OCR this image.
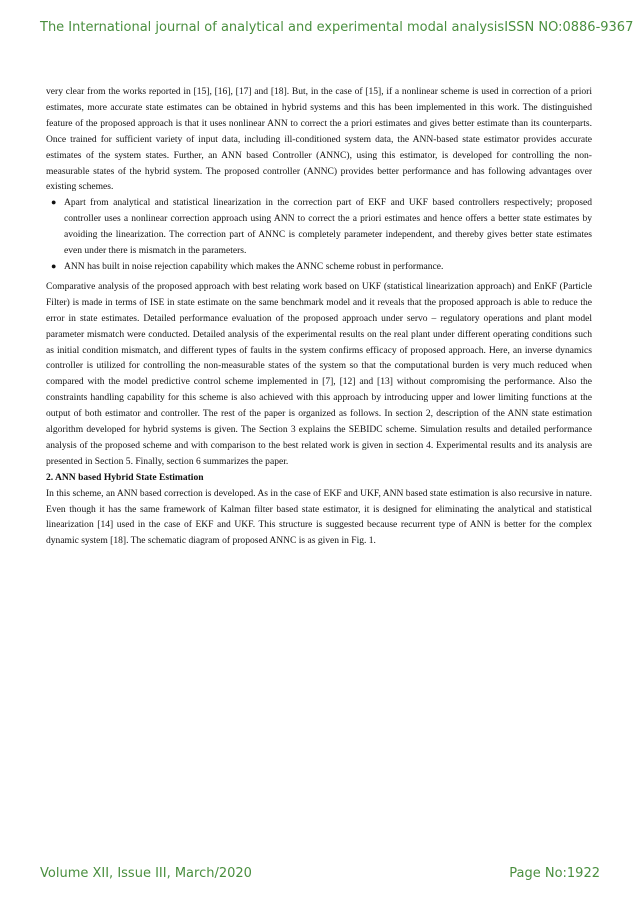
The International journal of analytical and experimental modal analysis ISSN NO:0886-9367

very clear from the works reported in [15], [16], [17] and [18]. But, in the case of [15], if a nonlinear scheme is used in correction of a priori estimates, more accurate state estimates can be obtained in hybrid systems and this has been implemented in this work. The distinguished feature of the proposed approach is that it uses nonlinear ANN to correct the a priori estimates and gives better estimate than its counterparts. Once trained for sufficient variety of input data, including ill-conditioned system data, the ANN-based state estimator provides accurate estimates of the system states. Further, an ANN based Controller (ANNC), using this estimator, is developed for controlling the non-measurable states of the hybrid system. The proposed controller (ANNC) provides better performance and has following advantages over existing schemes.

● Apart from analytical and statistical linearization in the correction part of EKF and UKF based controllers respectively; proposed controller uses a nonlinear correction approach using ANN to correct the a priori estimates and hence offers a better state estimates by avoiding the linearization. The correction part of ANNC is completely parameter independent, and thereby gives better state estimates even under there is mismatch in the parameters.
● ANN has built in noise rejection capability which makes the ANNC scheme robust in performance.

Comparative analysis of the proposed approach with best relating work based on UKF (statistical linearization approach) and EnKF (Particle Filter) is made in terms of ISE in state estimate on the same benchmark model and it reveals that the proposed approach is able to reduce the error in state estimates. Detailed performance evaluation of the proposed approach under servo – regulatory operations and plant model parameter mismatch were conducted. Detailed analysis of the experimental results on the real plant under different operating conditions such as initial condition mismatch, and different types of faults in the system confirms efficacy of proposed approach. Here, an inverse dynamics controller is utilized for controlling the non-measurable states of the system so that the computational burden is very much reduced when compared with the model predictive control scheme implemented in [7], [12] and [13] without compromising the performance. Also the constraints handling capability for this scheme is also achieved with this approach by introducing upper and lower limiting functions at the output of both estimator and controller. The rest of the paper is organized as follows. In section 2, description of the ANN state estimation algorithm developed for hybrid systems is given. The Section 3 explains the SEBIDC scheme. Simulation results and detailed performance analysis of the proposed scheme and with comparison to the best related work is given in section 4. Experimental results and its analysis are presented in Section 5. Finally, section 6 summarizes the paper.

2. ANN based Hybrid State Estimation

In this scheme, an ANN based correction is developed. As in the case of EKF and UKF, ANN based state estimation is also recursive in nature. Even though it has the same framework of Kalman filter based state estimator, it is designed for eliminating the analytical and statistical linearization [14] used in the case of EKF and UKF. This structure is suggested because recurrent type of ANN is better for the complex dynamic system [18]. The schematic diagram of proposed ANNC is as given in Fig. 1.

Volume XII, Issue III, March/2020	Page No:1922
